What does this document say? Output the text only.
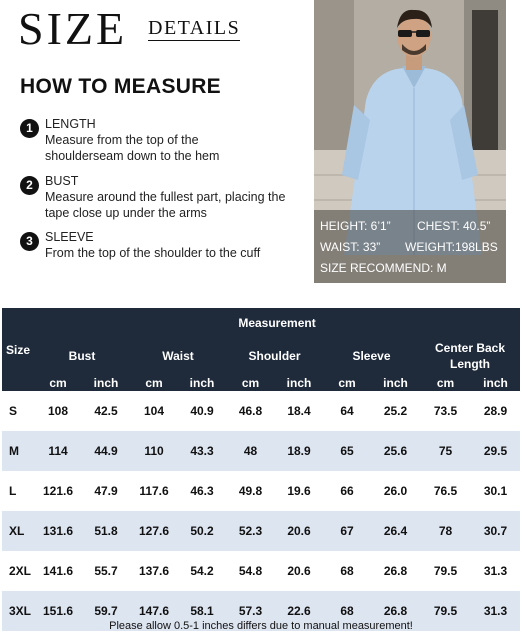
SIZE DETAILS
HOW TO MEASURE
1 LENGTH
Measure from the top of the shoulderseam down to the hem
2 BUST
Measure around the fullest part, placing the tape close up under the arms
3 SLEEVE
From the top of the shoulder to the cuff
HEIGHT: 6’1” CHEST: 40.5”
WAIST: 33” WEIGHT:198LBS
SIZE RECOMMEND: M
Size	Measurement									
	Bust		Waist		Shoulder		Sleeve		Center Back Length	
	cm	inch	cm	inch	cm	inch	cm	inch	cm	inch
S	108	42.5	104	40.9	46.8	18.4	64	25.2	73.5	28.9
M	114	44.9	110	43.3	48	18.9	65	25.6	75	29.5
L	121.6	47.9	117.6	46.3	49.8	19.6	66	26.0	76.5	30.1
XL	131.6	51.8	127.6	50.2	52.3	20.6	67	26.4	78	30.7
2XL	141.6	55.7	137.6	54.2	54.8	20.6	68	26.8	79.5	31.3
3XL	151.6	59.7	147.6	58.1	57.3	22.6	68	26.8	79.5	31.3
Please allow 0.5-1 inches differs due to manual measurement!
